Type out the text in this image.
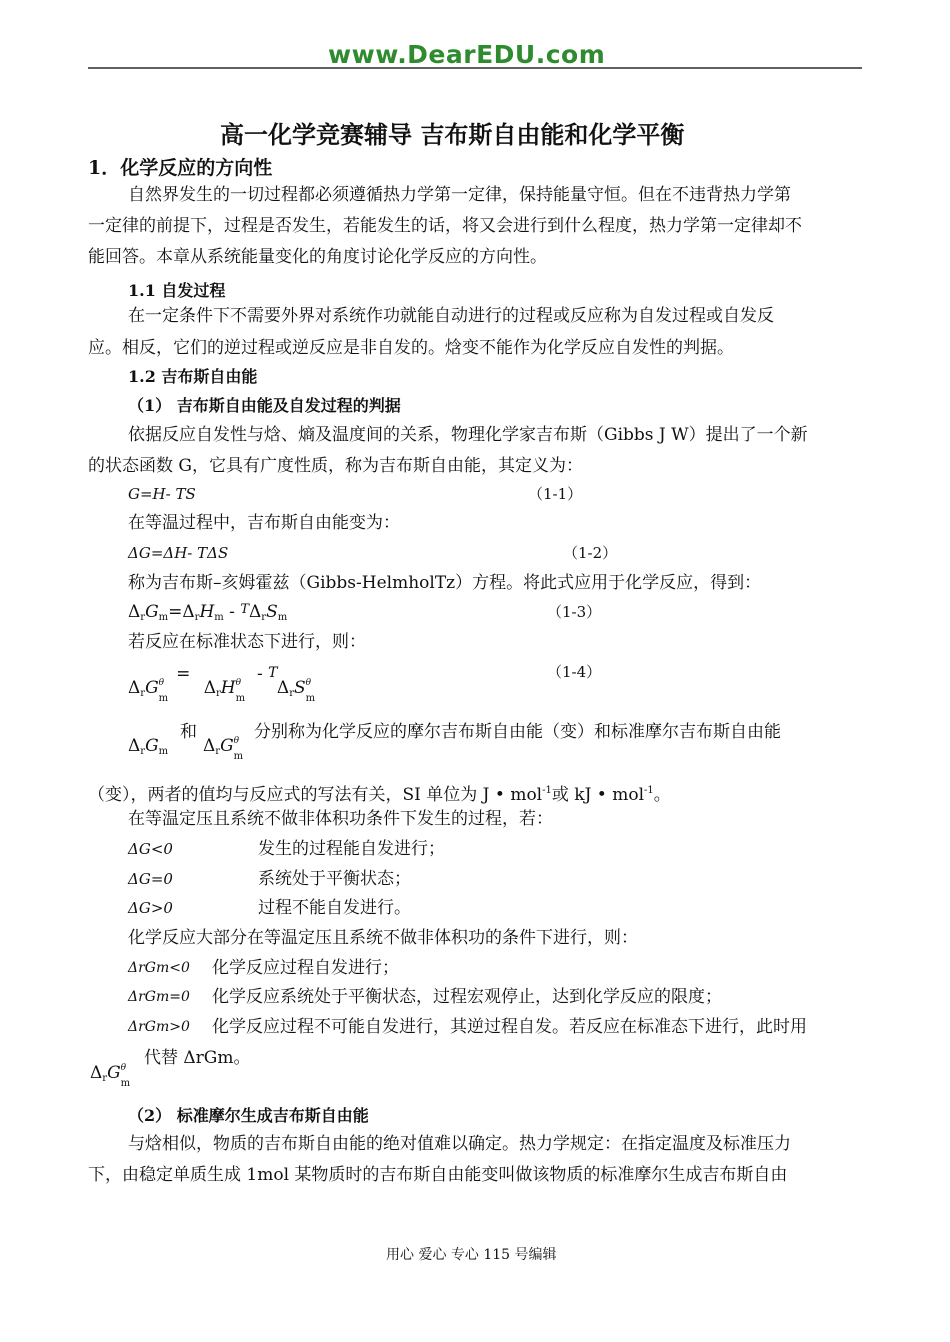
www.DearEDU.com
高一化学竞赛辅导 吉布斯自由能和化学平衡
1．化学反应的方向性
自然界发生的一切过程都必须遵循热力学第一定律，保持能量守恒。但在不违背热力学第
一定律的前提下，过程是否发生，若能发生的话，将又会进行到什么程度，热力学第一定律却不
能回答。本章从系统能量变化的角度讨论化学反应的方向性。
1.1 自发过程
在一定条件下不需要外界对系统作功就能自动进行的过程或反应称为自发过程或自发反
应。相反，它们的逆过程或逆反应是非自发的。焓变不能作为化学反应自发性的判据。
1.2 吉布斯自由能
（1） 吉布斯自由能及自发过程的判据
依据反应自发性与焓、熵及温度间的关系，物理化学家吉布斯（Gibbs J W）提出了一个新
的状态函数 G，它具有广度性质，称为吉布斯自由能，其定义为：
G=H- TS	（1-1）
在等温过程中，吉布斯自由能变为：
ΔG=ΔH- TΔS	（1-2）
称为吉布斯–亥姆霍兹（Gibbs-HelmholTz）方程。将此式应用于化学反应，得到：
$\Delta_rG_m=\Delta_rH_m - ^T\Delta_rS_m$	（1-3）
若反应在标准状态下进行，则：
$\Delta_rG$ θ
m
= $\Delta_rH$ θ
m
- $^T$ $\Delta_rS$ θ
m
（1-4）
$\Delta_rG_m$
和
$\Delta_rG$ θ
m
分别称为化学反应的摩尔吉布斯自由能（变）和标准摩尔吉布斯自由能
（变），两者的值均与反应式的写法有关，SI 单位为 J • mol$^{-1}$或 kJ • mol$^{-1}$。
在等温定压且系统不做非体积功条件下发生的过程，若：
ΔG<0	发生的过程能自发进行；
ΔG=0	系统处于平衡状态；
ΔG>0	过程不能自发进行。
化学反应大部分在等温定压且系统不做非体积功的条件下进行，则：
ΔrGm<0 化学反应过程自发进行；
ΔrGm=0 化学反应系统处于平衡状态，过程宏观停止，达到化学反应的限度；
ΔrGm>0 化学反应过程不可能自发进行，其逆过程自发。若反应在标准态下进行，此时用
$\Delta_rG$ θ
m
代替 ΔrGm。
（2） 标准摩尔生成吉布斯自由能
与焓相似，物质的吉布斯自由能的绝对值难以确定。热力学规定：在指定温度及标准压力
下，由稳定单质生成 1mol 某物质时的吉布斯自由能变叫做该物质的标准摩尔生成吉布斯自由
用心 爱心 专心 115 号编辑
